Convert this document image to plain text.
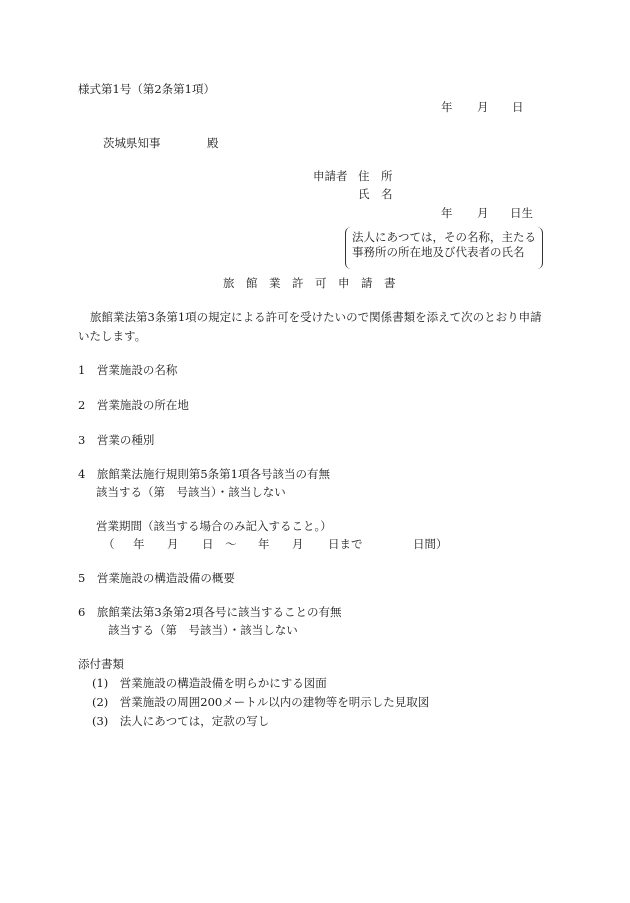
様式第1号（第2条第1項）
年 月 日
茨城県知事	殿
申請者 住　所
氏　名
年 月 日生
法人にあつては，その名称，主たる
事務所の所在地及び代表者の氏名
旅　館　業　許　可　申　請　書
旅館業法第3条第1項の規定による許可を受けたいので関係書類を添えて次のとおり申請
いたします。
1　営業施設の名称
2　営業施設の所在地
3　営業の種別
4　旅館業法施行規則第5条第1項各号該当の有無
該当する（第　号該当）・該当しない
営業期間（該当する場合のみ記入すること。）
（ 年 月 日 ～ 年 月 日まで	日間）
5　営業施設の構造設備の概要
6　旅館業法第3条第2項各号に該当することの有無
該当する（第　号該当）・該当しない
添付書類
(1)　営業施設の構造設備を明らかにする図面
(2)　営業施設の周囲200メートル以内の建物等を明示した見取図
(3)　法人にあつては，定款の写し
